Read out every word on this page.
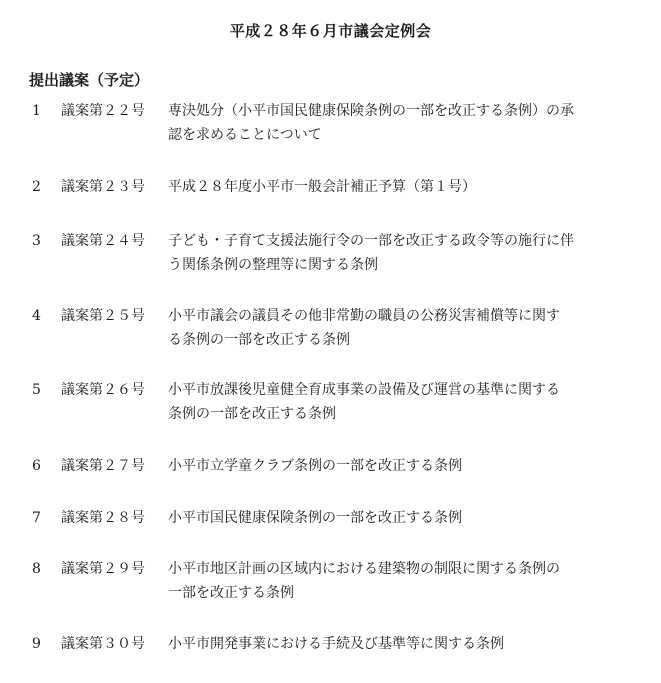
平成２８年６月市議会定例会
提出議案（予定）
1 議案第２２号 専決処分（小平市国民健康保険条例の一部を改正する条例）の承
認を求めることについて
2 議案第２３号 平成２８年度小平市一般会計補正予算（第１号）
3 議案第２４号 子ども・子育て支援法施行令の一部を改正する政令等の施行に伴
う関係条例の整理等に関する条例
4 議案第２５号 小平市議会の議員その他非常勤の職員の公務災害補償等に関す
る条例の一部を改正する条例
5 議案第２６号 小平市放課後児童健全育成事業の設備及び運営の基準に関する
条例の一部を改正する条例
6 議案第２７号 小平市立学童クラブ条例の一部を改正する条例
7 議案第２８号 小平市国民健康保険条例の一部を改正する条例
8 議案第２９号 小平市地区計画の区域内における建築物の制限に関する条例の
一部を改正する条例
9 議案第３０号 小平市開発事業における手続及び基準等に関する条例
